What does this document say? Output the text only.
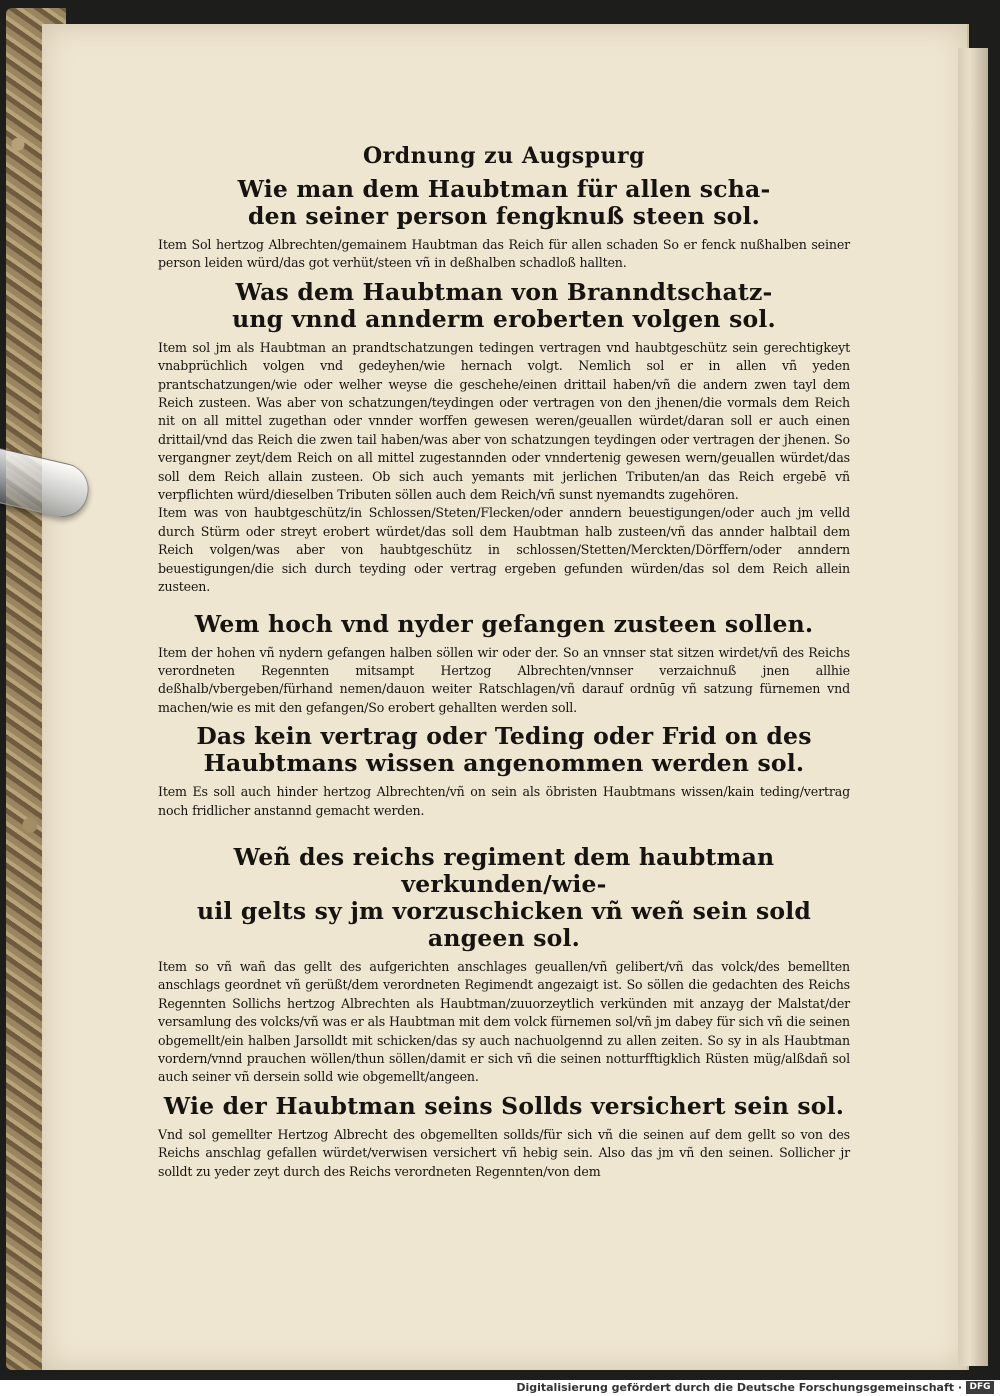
Ordnung zu Augspurg
Wie man dem Haubtman für allen scha-
den seiner person fengknuß steen sol.

Item Sol hertzog Albrechten/gemainem Haubtman das Reich für allen schaden So er fenck nußhalben seiner person leiden würd/das got verhüt/steen vñ in deßhalben schadloß hallten.

Was dem Haubtman von Branndtschatz-
ung vnnd annderm eroberten volgen sol.

Item sol jm als Haubtman an prandtschatzungen tedingen vertragen vnd haubtgeschütz sein gerechtigkeyt vnabprüchlich volgen vnd gedeyhen/wie hernach volgt. Nemlich sol er in allen vñ yeden prantschatzungen/wie oder welher weyse die geschehe/einen drittail haben/vñ die andern zwen tayl dem Reich zusteen. Was aber von schatzungen/teydingen oder vertragen von den jhenen/die vormals dem Reich nit on all mittel zugethan oder vnnder worffen gewesen weren/geuallen würdet/daran soll er auch einen drittail/vnd das Reich die zwen tail haben/was aber von schatzungen teydingen oder vertragen der jhenen. So vergangner zeyt/dem Reich on all mittel zugestannden oder vnndertenig gewesen wern/geuallen würdet/das soll dem Reich allain zusteen. Ob sich auch yemants mit jerlichen Tributen/an das Reich ergebē vñ verpflichten würd/dieselben Tributen söllen auch dem Reich/vñ sunst nyemandts zugehören.

Item was von haubtgeschütz/in Schlossen/Steten/Flecken/oder anndern beuestigungen/oder auch jm velld durch Stürm oder streyt erobert würdet/das soll dem Haubtman halb zusteen/vñ das annder halbtail dem Reich volgen/was aber von haubtgeschütz in schlossen/Stetten/Merckten/Dörffern/oder anndern beuestigungen/die sich durch teyding oder vertrag ergeben gefunden würden/das sol dem Reich allein zusteen.

Wem hoch vnd nyder gefangen zusteen sollen.

Item der hohen vñ nydern gefangen halben söllen wir oder der. So an vnnser stat sitzen wirdet/vñ des Reichs verordneten Regennten mitsampt Hertzog Albrechten/vnnser verzaichnuß jnen allhie deßhalb/vbergeben/fürhand nemen/dauon weiter Ratschlagen/vñ darauf ordnūg vñ satzung fürnemen vnd machen/wie es mit den gefangen/So erobert gehallten werden soll.

Das kein vertrag oder Teding oder Frid on des
Haubtmans wissen angenommen werden sol.

Item Es soll auch hinder hertzog Albrechten/vñ on sein als öbristen Haubtmans wissen/kain teding/vertrag noch fridlicher anstannd gemacht werden.

Weñ des reichs regiment dem haubtman verkunden/wie-
uil gelts sy jm vorzuschicken vñ weñ sein sold angeen sol.

Item so vñ wañ das gellt des aufgerichten anschlages geuallen/vñ gelibert/vñ das volck/des bemellten anschlags geordnet vñ gerüßt/dem verordneten Regimendt angezaigt ist. So söllen die gedachten des Reichs Regennten Sollichs hertzog Albrechten als Haubtman/zuuorzeytlich verkünden mit anzayg der Malstat/der versamlung des volcks/vñ was er als Haubtman mit dem volck fürnemen sol/vñ jm dabey für sich vñ die seinen obgemellt/ein halben Jarsolldt mit schicken/das sy auch nachuolgennd zu allen zeiten. So sy in als Haubtman vordern/vnnd prauchen wöllen/thun söllen/damit er sich vñ die seinen notturfftigklich Rüsten müg/alßdañ sol auch seiner vñ dersein solld wie obgemellt/angeen.

Wie der Haubtman seins Sollds versichert sein sol.

Vnd sol gemellter Hertzog Albrecht des obgemellten sollds/für sich vñ die seinen auf dem gellt so von des Reichs anschlag gefallen würdet/verwisen versichert vñ hebig sein. Also das jm vñ den seinen. Sollicher jr solldt zu yeder zeyt durch des Reichs verordneten Regennten/von dem

Digitalisierung gefördert durch die Deutsche Forschungsgemeinschaft · DFG
